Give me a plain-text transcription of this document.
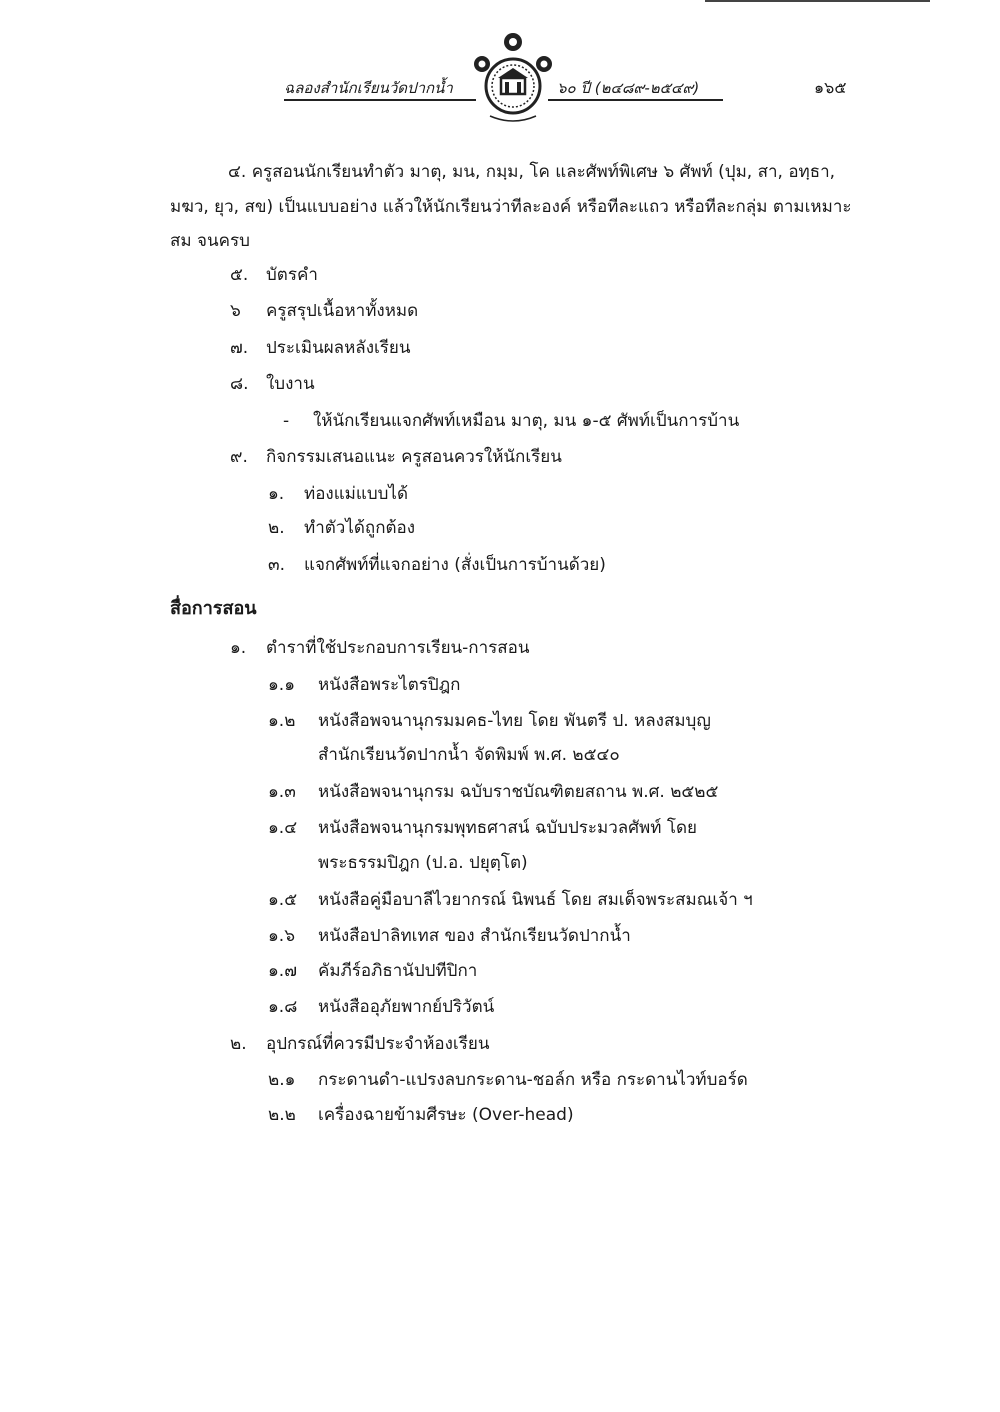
ฉลองสำนักเรียนวัดปากน้ำ	๖๐ ปี (๒๔๘๙-๒๕๔๙)	๑๖๕
๔. ครูสอนนักเรียนทำตัว มาตุ, มน, กมฺม, โค และศัพท์พิเศษ ๖ ศัพท์ (ปุม, สา, อทฺธา, มฆว, ยุว, สข) เป็นแบบอย่าง แล้วให้นักเรียนว่าทีละองค์ หรือทีละแถว หรือทีละกลุ่ม ตามเหมาะสม จนครบ
๕. บัตรคำ
๖ ครูสรุปเนื้อหาทั้งหมด
๗. ประเมินผลหลังเรียน
๘. ใบงาน
- ให้นักเรียนแจกศัพท์เหมือน มาตุ, มน ๑-๕ ศัพท์เป็นการบ้าน
๙. กิจกรรมเสนอแนะ ครูสอนควรให้นักเรียน
๑. ท่องแม่แบบได้
๒. ทำตัวได้ถูกต้อง
๓. แจกศัพท์ที่แจกอย่าง (สั่งเป็นการบ้านด้วย)
สื่อการสอน
๑. ตำราที่ใช้ประกอบการเรียน-การสอน
๑.๑ หนังสือพระไตรปิฎก
๑.๒ หนังสือพจนานุกรมมคธ-ไทย โดย พันตรี ป. หลงสมบุญ
สำนักเรียนวัดปากน้ำ จัดพิมพ์ พ.ศ. ๒๕๔๐
๑.๓ หนังสือพจนานุกรม ฉบับราชบัณฑิตยสถาน พ.ศ. ๒๕๒๕
๑.๔ หนังสือพจนานุกรมพุทธศาสน์ ฉบับประมวลศัพท์ โดย
พระธรรมปิฎก (ป.อ. ปยุตฺโต)
๑.๕ หนังสือคู่มือบาลีไวยากรณ์ นิพนธ์ โดย สมเด็จพระสมณเจ้า ฯ
๑.๖ หนังสือปาลิทเทส ของ สำนักเรียนวัดปากน้ำ
๑.๗ คัมภีร์อภิธานัปปทีปิกา
๑.๘ หนังสืออุภัยพากย์ปริวัตน์
๒. อุปกรณ์ที่ควรมีประจำห้องเรียน
๒.๑ กระดานดำ-แปรงลบกระดาน-ชอล์ก หรือ กระดานไวท์บอร์ด
๒.๒ เครื่องฉายข้ามศีรษะ (Over-head)
